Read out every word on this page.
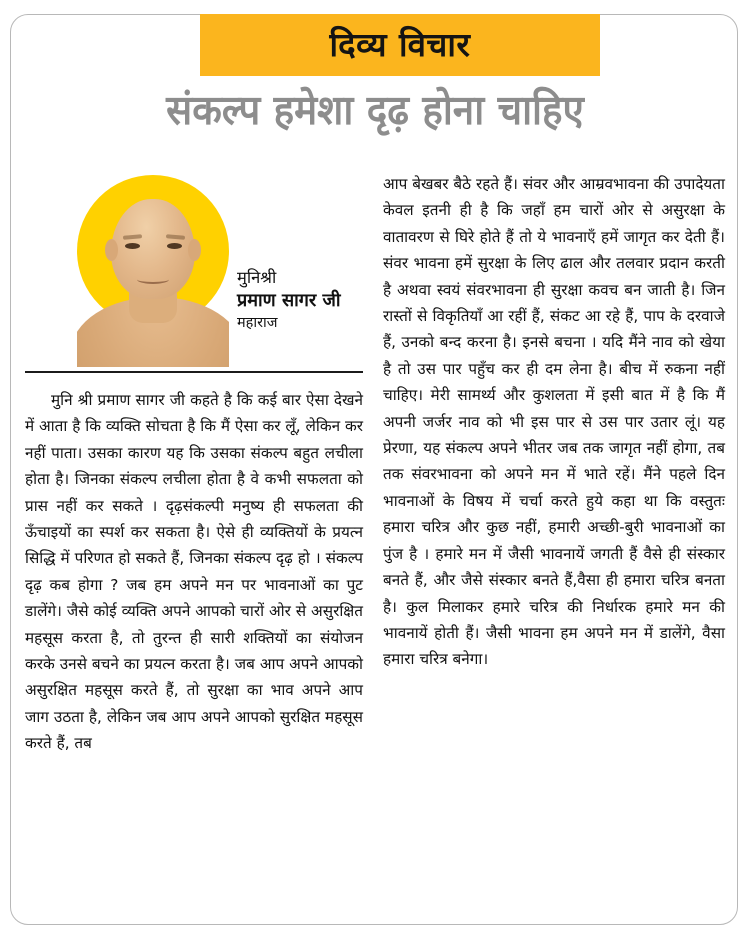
दिव्य विचार
संकल्प हमेशा दृढ़ होना चाहिए
मुनिश्री
प्रमाण सागर जी
महाराज

मुनि श्री प्रमाण सागर जी कहते है कि कई बार ऐसा देखने में आता है कि व्यक्ति सोचता है कि मैं ऐसा कर लूँ, लेकिन कर नहीं पाता। उसका कारण यह कि उसका संकल्प बहुत लचीला होता है। जिनका संकल्प लचीला होता है वे कभी सफलता को प्रास नहीं कर सकते । दृढ़संकल्पी मनुष्य ही सफलता की ऊँचाइयों का स्पर्श कर सकता है। ऐसे ही व्यक्तियों के प्रयत्न सिद्धि में परिणत हो सकते हैं, जिनका संकल्प दृढ़ हो । संकल्प दृढ़ कब होगा ? जब हम अपने मन पर भावनाओं का पुट डालेंगे। जैसे कोई व्यक्ति अपने आपको चारों ओर से असुरक्षित महसूस करता है, तो तुरन्त ही सारी शक्तियों का संयोजन करके उनसे बचने का प्रयत्न करता है। जब आप अपने आपको असुरक्षित महसूस करते हैं, तो सुरक्षा का भाव अपने आप जाग उठता है, लेकिन जब आप अपने आपको सुरक्षित महसूस करते हैं, तब

आप बेखबर बैठे रहते हैं। संवर और आम्रवभावना की उपादेयता केवल इतनी ही है कि जहाँ हम चारों ओर से असुरक्षा के वातावरण से घिरे होते हैं तो ये भावनाएँ हमें जागृत कर देती हैं। संवर भावना हमें सुरक्षा के लिए ढाल और तलवार प्रदान करती है अथवा स्वयं संवरभावना ही सुरक्षा कवच बन जाती है। जिन रास्तों से विकृतियाँ आ रहीं हैं, संकट आ रहे हैं, पाप के दरवाजे हैं, उनको बन्द करना है। इनसे बचना । यदि मैंने नाव को खेया है तो उस पार पहुँच कर ही दम लेना है। बीच में रुकना नहीं चाहिए। मेरी सामर्थ्य और कुशलता में इसी बात में है कि मैं अपनी जर्जर नाव को भी इस पार से उस पार उतार लूं। यह प्रेरणा, यह संकल्प अपने भीतर जब तक जागृत नहीं होगा, तब तक संवरभावना को अपने मन में भाते रहें। मैंने पहले दिन भावनाओं के विषय में चर्चा करते हुये कहा था कि वस्तुतः हमारा चरित्र और कुछ नहीं, हमारी अच्छी-बुरी भावनाओं का पुंज है । हमारे मन में जैसी भावनायें जगती हैं वैसे ही संस्कार बनते हैं, और जैसे संस्कार बनते हैं,वैसा ही हमारा चरित्र बनता है। कुल मिलाकर हमारे चरित्र की निर्धारक हमारे मन की भावनायें होती हैं। जैसी भावना हम अपने मन में डालेंगे, वैसा हमारा चरित्र बनेगा।
